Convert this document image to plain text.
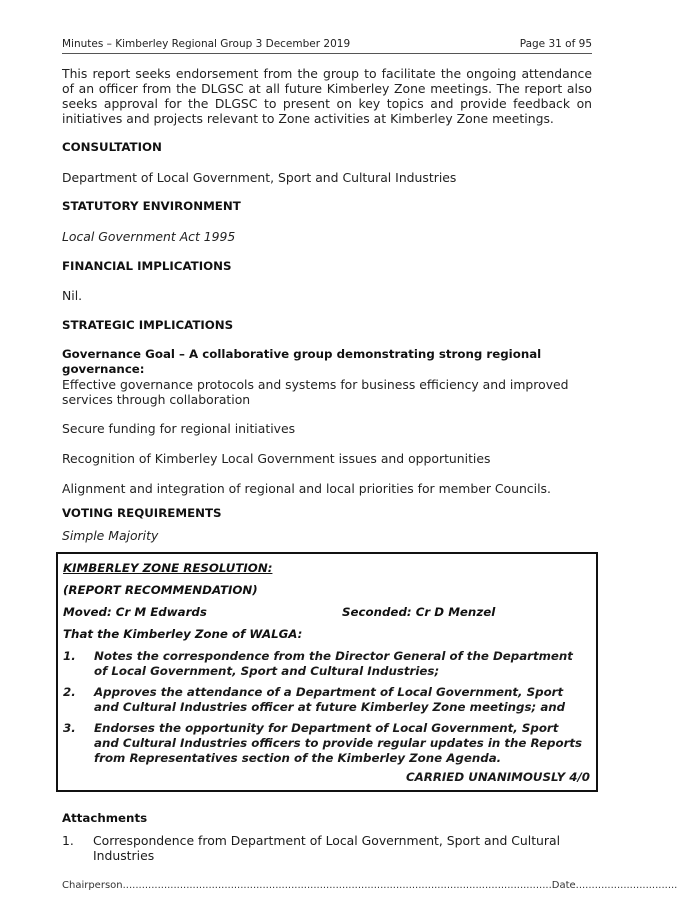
Minutes – Kimberley Regional Group 3 December 2019	Page 31 of 95
This report seeks endorsement from the group to facilitate the ongoing attendance of an officer from the DLGSC at all future Kimberley Zone meetings. The report also seeks approval for the DLGSC to present on key topics and provide feedback on initiatives and projects relevant to Zone activities at Kimberley Zone meetings.
CONSULTATION
Department of Local Government, Sport and Cultural Industries
STATUTORY ENVIRONMENT
Local Government Act 1995
FINANCIAL IMPLICATIONS
Nil.
STRATEGIC IMPLICATIONS
Governance Goal – A collaborative group demonstrating strong regional governance:
Effective governance protocols and systems for business efficiency and improved services through collaboration
Secure funding for regional initiatives
Recognition of Kimberley Local Government issues and opportunities
Alignment and integration of regional and local priorities for member Councils.
VOTING REQUIREMENTS
Simple Majority
KIMBERLEY ZONE RESOLUTION:
(REPORT RECOMMENDATION)
Moved: Cr M Edwards	Seconded: Cr D Menzel
That the Kimberley Zone of WALGA:
1. Notes the correspondence from the Director General of the Department of Local Government, Sport and Cultural Industries;
2. Approves the attendance of a Department of Local Government, Sport and Cultural Industries officer at future Kimberley Zone meetings; and
3. Endorses the opportunity for Department of Local Government, Sport and Cultural Industries officers to provide regular updates in the Reports from Representatives section of the Kimberley Zone Agenda.
CARRIED UNANIMOUSLY 4/0
Attachments
1. Correspondence from Department of Local Government, Sport and Cultural Industries
Chairperson.......................................................................................................................................Date................................
